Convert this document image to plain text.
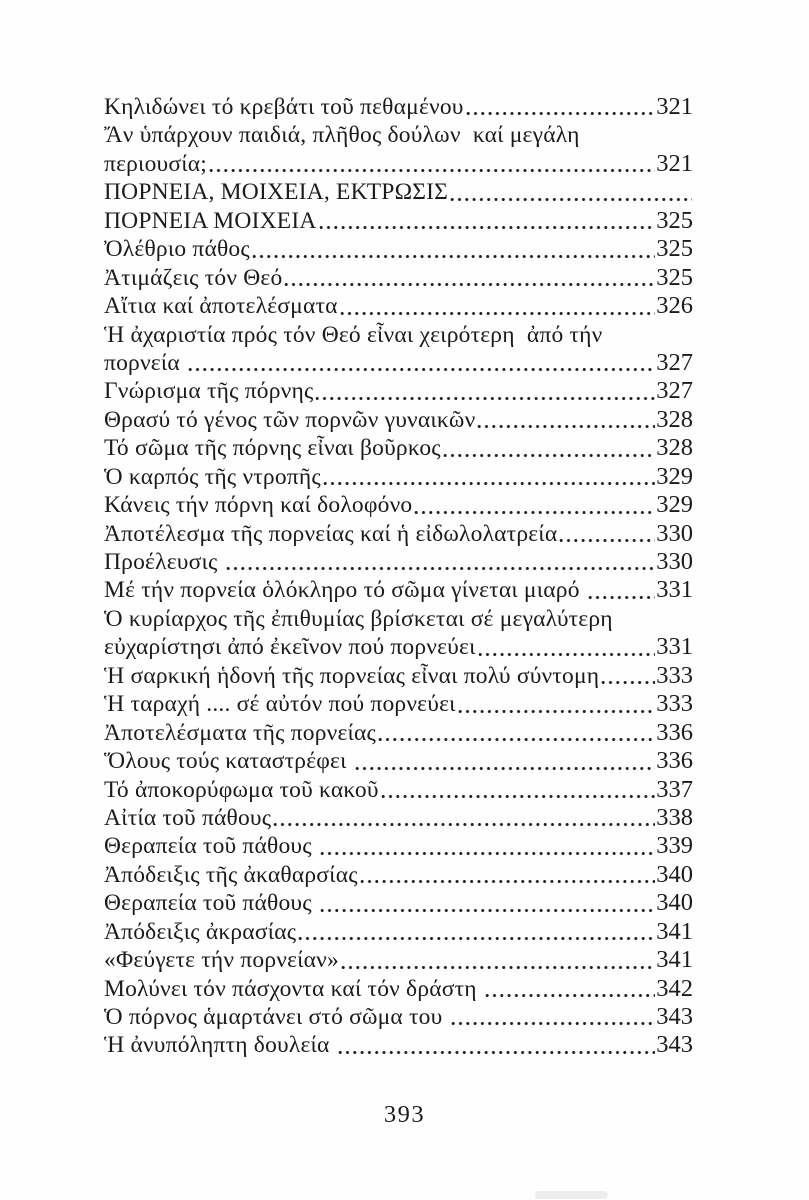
Κηλιδώνει τό κρεβάτι τοῦ πεθαμένου	321
Ἄν ὑπάρχουν παιδιά, πλῆθος δούλων  καί μεγάλη
περιουσία;	321
ΠΟΡΝΕΙΑ, ΜΟΙΧΕΙΑ, ΕΚΤΡΩΣΙΣ
ΠΟΡΝΕΙΑ ΜΟΙΧΕΙΑ	325
Ὀλέθριο πάθος	325
Ἀτιμάζεις τόν Θεό	325
Αἴτια καί ἀποτελέσματα	326
Ἡ ἀχαριστία πρός τόν Θεό εἶναι χειρότερη  ἀπό τήν
πορνεία	327
Γνώρισμα τῆς πόρνης	327
Θρασύ τό γένος τῶν πορνῶν γυναικῶν	328
Τό σῶμα τῆς πόρνης εἶναι βοῦρκος	328
Ὁ καρπός τῆς ντροπῆς	329
Κάνεις τήν πόρνη καί δολοφόνο	329
Ἀποτέλεσμα τῆς πορνείας καί ἡ εἰδωλολατρεία	330
Προέλευσις	330
Μέ τήν πορνεία ὁλόκληρο τό σῶμα γίνεται μιαρό	331
Ὁ κυρίαρχος τῆς ἐπιθυμίας βρίσκεται σέ μεγαλύτερη
εὐχαρίστησι ἀπό ἐκεῖνον πού πορνεύει	331
Ἡ σαρκική ἡδονή τῆς πορνείας εἶναι πολύ σύντομη 333
Ἡ ταραχή .... σέ αὐτόν πού πορνεύει	333
Ἀποτελέσματα τῆς πορνείας	336
Ὅλους τούς καταστρέφει	336
Τό ἀποκορύφωμα τοῦ κακοῦ	337
Αἰτία τοῦ πάθους	338
Θεραπεία τοῦ πάθους	339
Ἀπόδειξις τῆς ἀκαθαρσίας	340
Θεραπεία τοῦ πάθους	340
Ἀπόδειξις ἀκρασίας	341
«Φεύγετε τήν πορνείαν»	341
Μολύνει τόν πάσχοντα καί τόν δράστη	342
Ὁ πόρνος ἁμαρτάνει στό σῶμα του	343
Ἡ ἀνυπόληπτη δουλεία	343
393
